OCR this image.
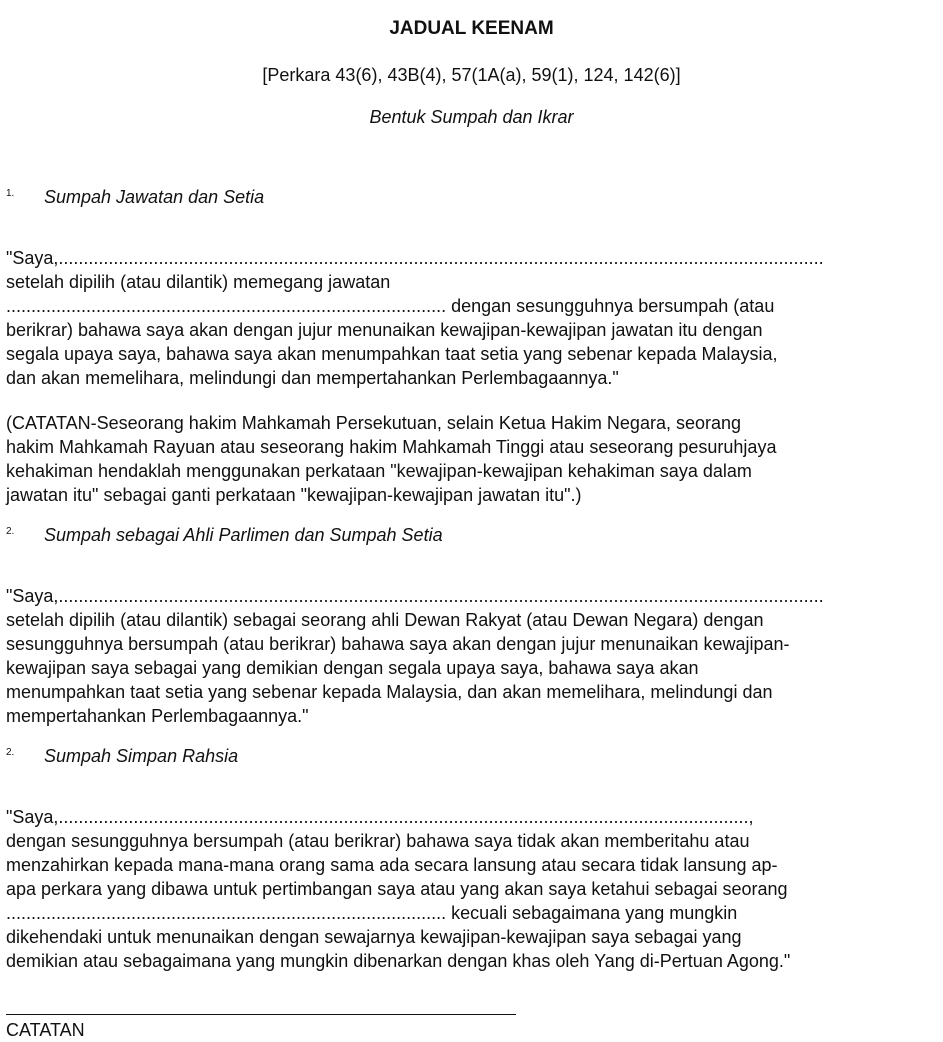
JADUAL KEENAM
[Perkara 43(6), 43B(4), 57(1A(a), 59(1), 124, 142(6)]
Bentuk Sumpah dan Ikrar
1. Sumpah Jawatan dan Setia
"Saya,.........................................................................................................................................................
setelah dipilih (atau dilantik) memegang jawatan
........................................................................................ dengan sesungguhnya bersumpah (atau
berikrar) bahawa saya akan dengan jujur menunaikan kewajipan-kewajipan jawatan itu dengan
segala upaya saya, bahawa saya akan menumpahkan taat setia yang sebenar kepada Malaysia,
dan akan memelihara, melindungi dan mempertahankan Perlembagaannya."
(CATATAN-Seseorang hakim Mahkamah Persekutuan, selain Ketua Hakim Negara, seorang
hakim Mahkamah Rayuan atau seseorang hakim Mahkamah Tinggi atau seseorang pesuruhjaya
kehakiman hendaklah menggunakan perkataan "kewajipan-kewajipan kehakiman saya dalam
jawatan itu" sebagai ganti perkataan "kewajipan-kewajipan jawatan itu".)
2. Sumpah sebagai Ahli Parlimen dan Sumpah Setia
"Saya,.........................................................................................................................................................
setelah dipilih (atau dilantik) sebagai seorang ahli Dewan Rakyat (atau Dewan Negara) dengan
sesungguhnya bersumpah (atau berikrar) bahawa saya akan dengan jujur menunaikan kewajipan-
kewajipan saya sebagai yang demikian dengan segala upaya saya, bahawa saya akan
menumpahkan taat setia yang sebenar kepada Malaysia, dan akan memelihara, melindungi dan
mempertahankan Perlembagaannya."
2. Sumpah Simpan Rahsia
"Saya,..........................................................................................................................................,
dengan sesungguhnya bersumpah (atau berikrar) bahawa saya tidak akan memberitahu atau
menzahirkan kepada mana-mana orang sama ada secara lansung atau secara tidak lansung ap-
apa perkara yang dibawa untuk pertimbangan saya atau yang akan saya ketahui sebagai seorang
........................................................................................ kecuali sebagaimana yang mungkin
dikehendaki untuk menunaikan dengan sewajarnya kewajipan-kewajipan saya sebagai yang
demikian atau sebagaimana yang mungkin dibenarkan dengan khas oleh Yang di-Pertuan Agong."
CATATAN
